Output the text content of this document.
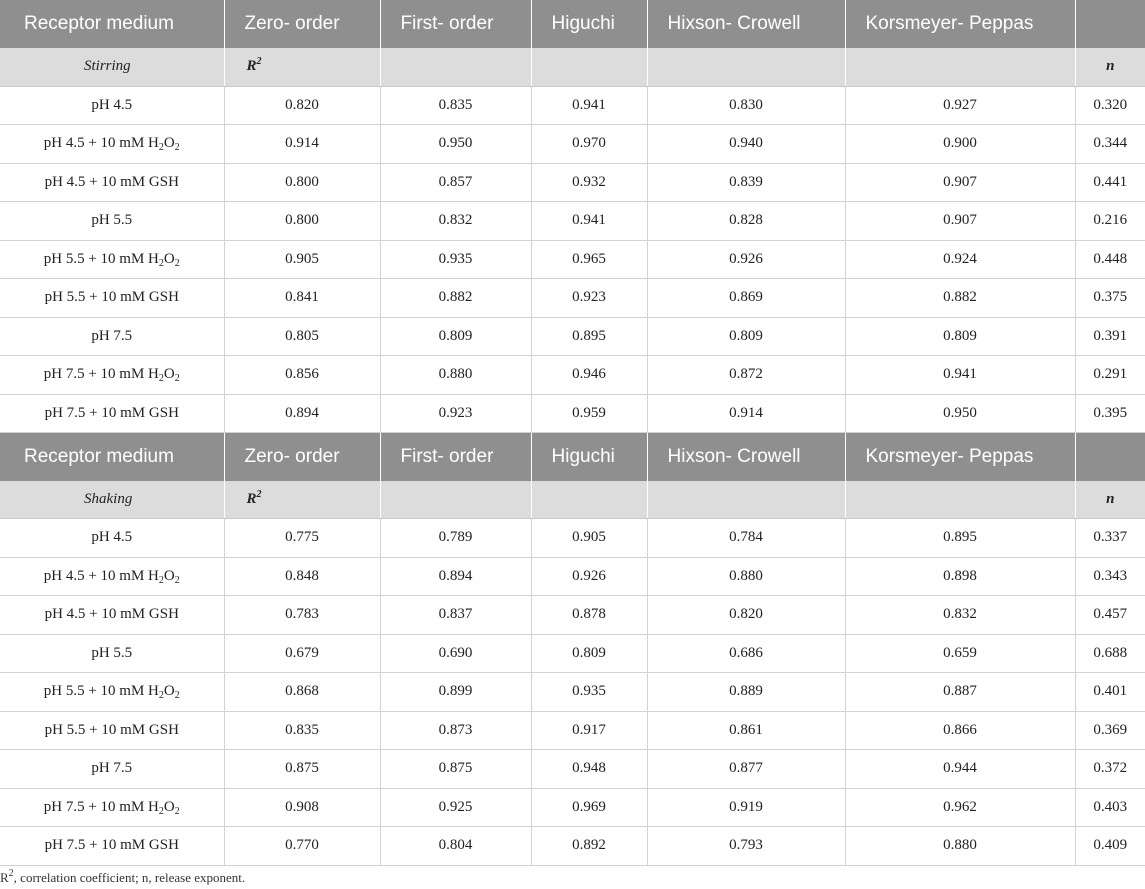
Receptor medium	Zero- order	First- order	Higuchi	Hixson- Crowell	Korsmeyer- Peppas	
Stirring	$R^2$					n
pH 4.5	0.820	0.835	0.941	0.830	0.927	0.320
pH 4.5 + 10 mM $H_2O_2$	0.914	0.950	0.970	0.940	0.900	0.344
pH 4.5 + 10 mM GSH	0.800	0.857	0.932	0.839	0.907	0.441
pH 5.5	0.800	0.832	0.941	0.828	0.907	0.216
pH 5.5 + 10 mM $H_2O_2$	0.905	0.935	0.965	0.926	0.924	0.448
pH 5.5 + 10 mM GSH	0.841	0.882	0.923	0.869	0.882	0.375
pH 7.5	0.805	0.809	0.895	0.809	0.809	0.391
pH 7.5 + 10 mM $H_2O_2$	0.856	0.880	0.946	0.872	0.941	0.291
pH 7.5 + 10 mM GSH	0.894	0.923	0.959	0.914	0.950	0.395
Receptor medium	Zero- order	First- order	Higuchi	Hixson- Crowell	Korsmeyer- Peppas	
Shaking	$R^2$					n
pH 4.5	0.775	0.789	0.905	0.784	0.895	0.337
pH 4.5 + 10 mM $H_2O_2$	0.848	0.894	0.926	0.880	0.898	0.343
pH 4.5 + 10 mM GSH	0.783	0.837	0.878	0.820	0.832	0.457
pH 5.5	0.679	0.690	0.809	0.686	0.659	0.688
pH 5.5 + 10 mM $H_2O_2$	0.868	0.899	0.935	0.889	0.887	0.401
pH 5.5 + 10 mM GSH	0.835	0.873	0.917	0.861	0.866	0.369
pH 7.5	0.875	0.875	0.948	0.877	0.944	0.372
pH 7.5 + 10 mM $H_2O_2$	0.908	0.925	0.969	0.919	0.962	0.403
pH 7.5 + 10 mM GSH	0.770	0.804	0.892	0.793	0.880	0.409
$R^2$, correlation coefficient; n, release exponent.
